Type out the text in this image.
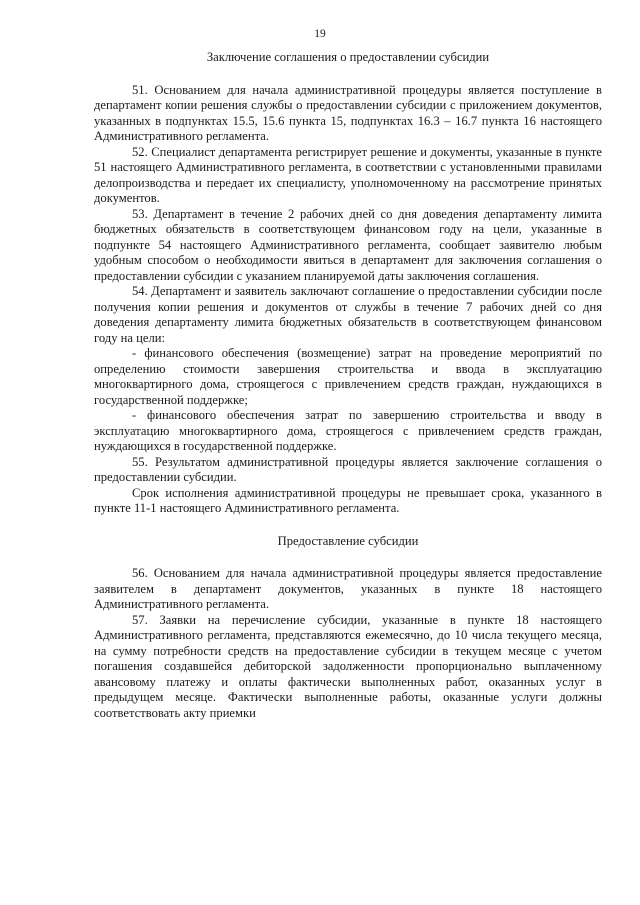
19
Заключение соглашения о предоставлении субсидии

51. Основанием для начала административной процедуры является поступление в департамент копии решения службы о предоставлении субсидии с приложением документов, указанных в подпунктах 15.5, 15.6 пункта 15, подпунктах 16.3 – 16.7 пункта 16 настоящего Административного регламента.

52. Специалист департамента регистрирует решение и документы, указанные в пункте 51 настоящего Административного регламента, в соответствии с установленными правилами делопроизводства и передает их специалисту, уполномоченному на рассмотрение принятых документов.

53. Департамент в течение 2 рабочих дней со дня доведения департаменту лимита бюджетных обязательств в соответствующем финансовом году на цели, указанные в подпункте 54 настоящего Административного регламента, сообщает заявителю любым удобным способом о необходимости явиться в департамент для заключения соглашения о предоставлении субсидии с указанием планируемой даты заключения соглашения.

54. Департамент и заявитель заключают соглашение о предоставлении субсидии после получения копии решения и документов от службы в течение 7 рабочих дней со дня доведения департаменту лимита бюджетных обязательств в соответствующем финансовом году на цели:

- финансового обеспечения (возмещение) затрат на проведение мероприятий по определению стоимости завершения строительства и ввода в эксплуатацию многоквартирного дома, строящегося с привлечением средств граждан, нуждающихся в государственной поддержке;

- финансового обеспечения затрат по завершению строительства и вводу в эксплуатацию многоквартирного дома, строящегося с привлечением средств граждан, нуждающихся в государственной поддержке.

55. Результатом административной процедуры является заключение соглашения о предоставлении субсидии.

Срок исполнения административной процедуры не превышает срока, указанного в пункте 11-1 настоящего Административного регламента.

Предоставление субсидии

56. Основанием для начала административной процедуры является предоставление заявителем в департамент документов, указанных в пункте 18 настоящего Административного регламента.

57. Заявки на перечисление субсидии, указанные в пункте 18 настоящего Административного регламента, представляются ежемесячно, до 10 числа текущего месяца, на сумму потребности средств на предоставление субсидии в текущем месяце с учетом погашения создавшейся дебиторской задолженности пропорционально выплаченному авансовому платежу и оплаты фактически выполненных работ, оказанных услуг в предыдущем месяце. Фактически выполненные работы, оказанные услуги должны соответствовать акту приемки
